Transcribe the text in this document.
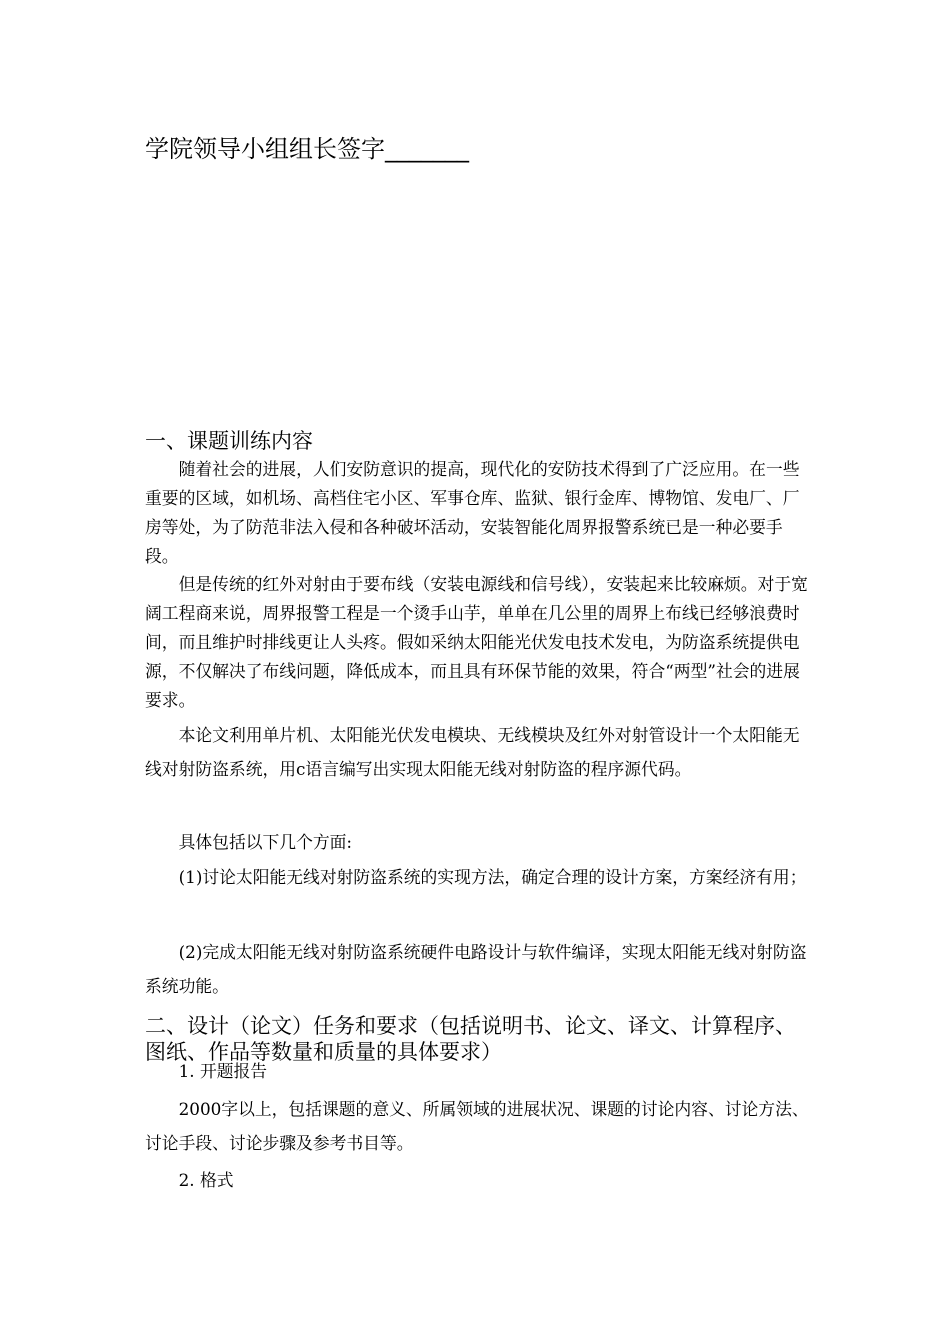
学院领导小组组长签字_______
一、课题训练内容

随着社会的进展，人们安防意识的提高，现代化的安防技术得到了广泛应用。在一些重要的区域，如机场、高档住宅小区、军事仓库、监狱、银行金库、博物馆、发电厂、厂房等处，为了防范非法入侵和各种破坏活动，安装智能化周界报警系统已是一种必要手段。

但是传统的红外对射由于要布线（安装电源线和信号线），安装起来比较麻烦。对于宽阔工程商来说，周界报警工程是一个烫手山芋，单单在几公里的周界上布线已经够浪费时间，而且维护时排线更让人头疼。假如采纳太阳能光伏发电技术发电，为防盗系统提供电源，不仅解决了布线问题，降低成本，而且具有环保节能的效果，符合“两型”社会的进展要求。

本论文利用单片机、太阳能光伏发电模块、无线模块及红外对射管设计一个太阳能无线对射防盗系统，用c语言编写出实现太阳能无线对射防盗的程序源代码。

具体包括以下几个方面:

(1)讨论太阳能无线对射防盗系统的实现方法，确定合理的设计方案，方案经济有用；

(2)完成太阳能无线对射防盗系统硬件电路设计与软件编译，实现太阳能无线对射防盗系统功能。

二、设计（论文）任务和要求（包括说明书、论文、译文、计算程序、图纸、作品等数量和质量的具体要求）

1. 开题报告

2000字以上，包括课题的意义、所属领域的进展状况、课题的讨论内容、讨论方法、讨论手段、讨论步骤及参考书目等。

2. 格式
